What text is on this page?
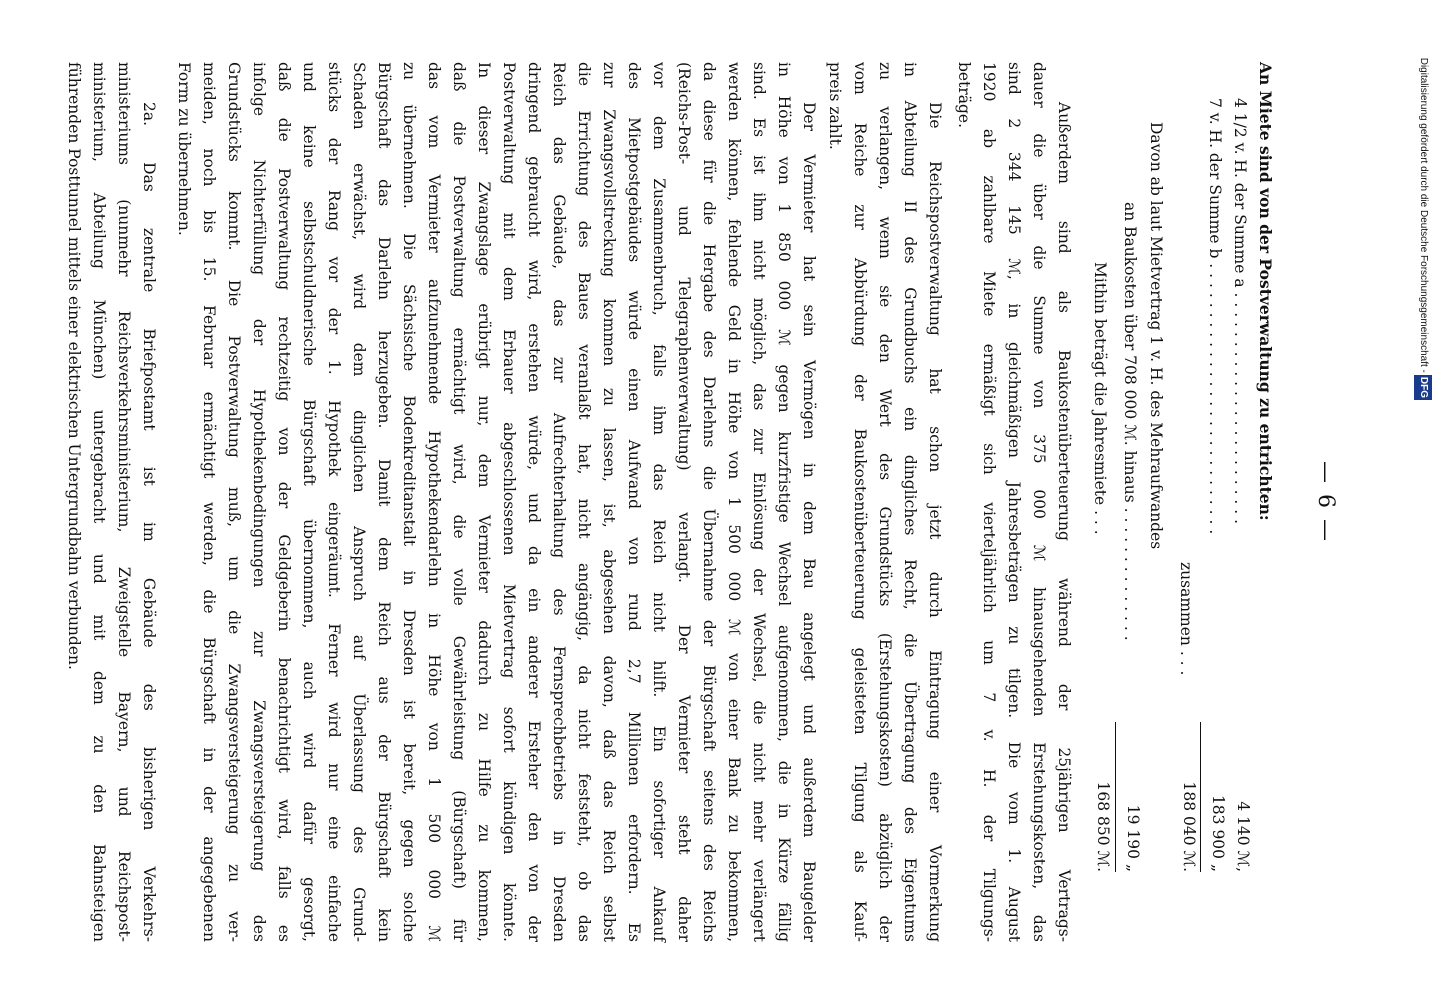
— 6 —
An Miete sind von der Postverwaltung zu entrichten:
4 1/2 v. H. der Summe a . . . . . . . . . . . . . . . . . . . . . . . .
4 140 ℳ,
7 v. H. der Summe b . . . . . . . . . . . . . . . . . . . . . . . . . . . .
183 900 „
zusammen . . .
188 040 ℳ.
Davon ab laut Mietvertrag 1 v. H. des Mehraufwandes
an Baukosten über 708 000 ℳ. hinaus . . . . . . . . . . . . . .
19 190 „
Mithin beträgt die Jahresmiete . . .
168 850 ℳ.
Außerdem sind als Baukostenüberteuerung während der 25jährigen Vertrags-
dauer die über die Summe von 375 000 ℳ hinausgehenden Erstehungskosten, das
sind 2 344 145 ℳ, in gleichmäßigen Jahresbeträgen zu tilgen. Die vom 1. August
1920 ab zahlbare Miete ermäßigt sich vierteljährlich um 7 v. H. der Tilgungs-
beträge.
Die Reichspostverwaltung hat schon jetzt durch Eintragung einer Vormerkung
in Abteilung II des Grundbuchs ein dingliches Recht, die Übertragung des Eigentums
zu verlangen, wenn sie den Wert des Grundstücks (Erstehungskosten) abzüglich der
vom Reiche zur Abbürdung der Baukostenüberteuerung geleisteten Tilgung als Kauf-
preis zahlt.
Der Vermieter hat sein Vermögen in dem Bau angelegt und außerdem Baugelder
in Höhe von 1 850 000 ℳ gegen kurzfristige Wechsel aufgenommen, die in Kürze fällig
sind. Es ist ihm nicht möglich, das zur Einlösung der Wechsel, die nicht mehr verlängert
werden können, fehlende Geld in Höhe von 1 500 000 ℳ von einer Bank zu bekommen,
da diese für die Hergabe des Darlehns die Übernahme der Bürgschaft seitens des Reichs
(Reichs-Post- und Telegraphenverwaltung) verlangt. Der Vermieter steht daher
vor dem Zusammenbruch, falls ihm das Reich nicht hilft. Ein sofortiger Ankauf
des Mietpostgebäudes würde einen Aufwand von rund 2,7 Millionen erfordern. Es
zur Zwangsvollstreckung kommen zu lassen, ist, abgesehen davon, daß das Reich selbst
die Errichtung des Baues veranlaßt hat, nicht angängig, da nicht feststeht, ob das
Reich das Gebäude, das zur Aufrechterhaltung des Fernsprechbetriebs in Dresden
dringend gebraucht wird, erstehen würde, und da ein anderer Ersteher den von der
Postverwaltung mit dem Erbauer abgeschlossenen Mietvertrag sofort kündigen könnte.
In dieser Zwangslage erübrigt nur, dem Vermieter dadurch zu Hilfe zu kommen,
daß die Postverwaltung ermächtigt wird, die volle Gewährleistung (Bürgschaft) für
das vom Vermieter aufzunehmende Hypothekendarlehn in Höhe von 1 500 000 ℳ
zu übernehmen. Die Sächsische Bodenkreditanstalt in Dresden ist bereit, gegen solche
Bürgschaft das Darlehn herzugeben. Damit dem Reich aus der Bürgschaft kein
Schaden erwächst, wird dem dinglichen Anspruch auf Überlassung des Grund-
stücks der Rang vor der 1. Hypothek eingeräumt. Ferner wird nur eine einfache
und keine selbstschuldnerische Bürgschaft übernommen, auch wird dafür gesorgt,
daß die Postverwaltung rechtzeitig von der Geldgeberin benachrichtigt wird, falls es
infolge Nichterfüllung der Hypothekenbedingungen zur Zwangsversteigerung des
Grundstücks kommt. Die Postverwaltung muß, um die Zwangsversteigerung zu ver-
meiden, noch bis 15. Februar ermächtigt werden, die Bürgschaft in der angegebenen
Form zu übernehmen.
2a. Das zentrale Briefpostamt ist im Gebäude des bisherigen Verkehrs-
ministeriums (nunmehr Reichsverkehrsministerium, Zweigstelle Bayern, und Reichspost-
ministerium, Abteilung München) untergebracht und mit dem zu den Bahnsteigen
führenden Posttunnel mittels einer elektrischen Untergrundbahn verbunden.	Digitalisierung gefördert durch die Deutsche Forschungsgemeinschaft -DFG
